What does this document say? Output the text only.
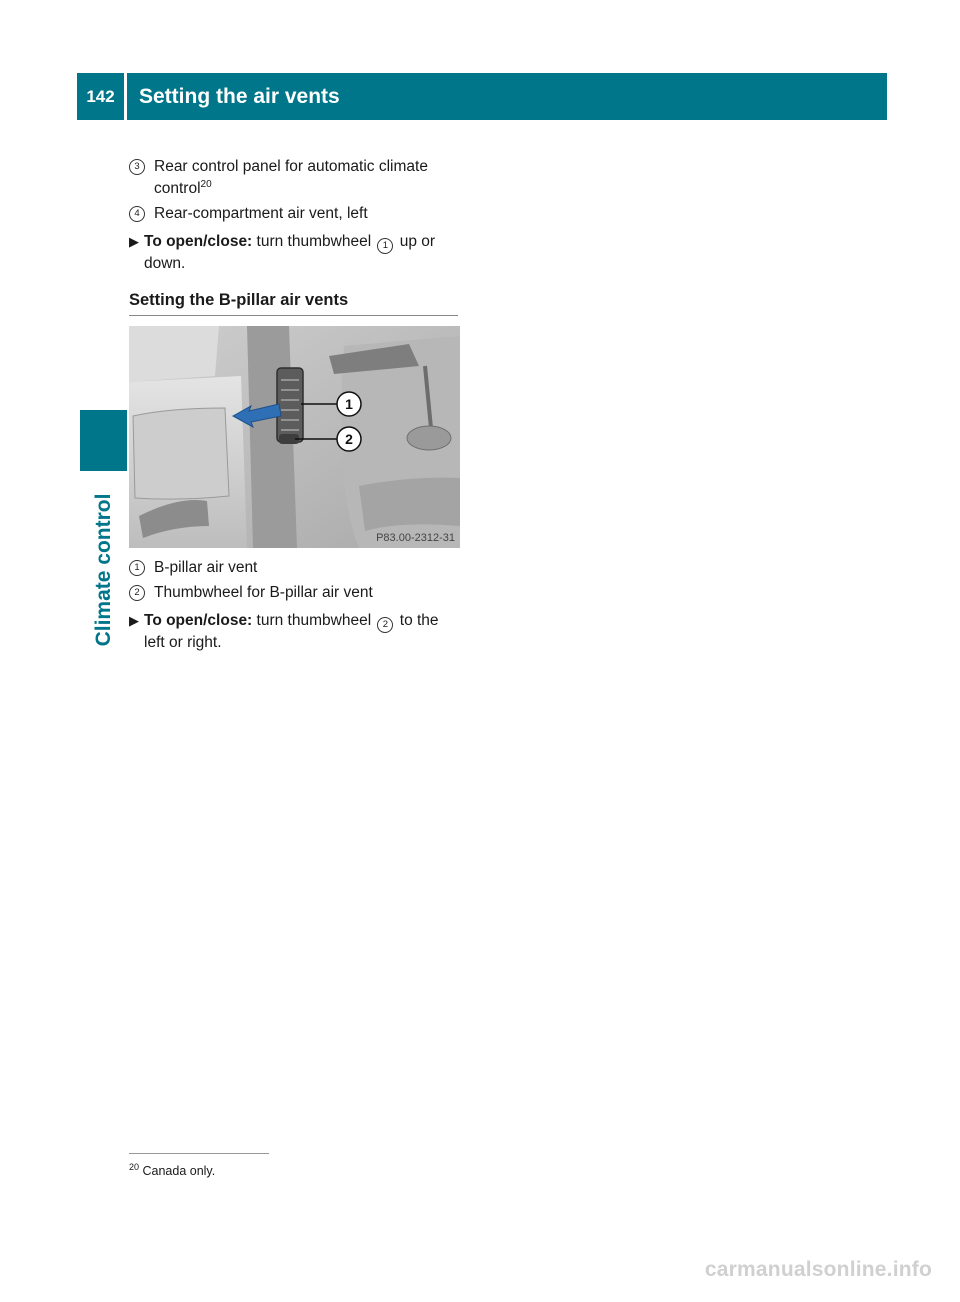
142	Setting the air vents
Climate control
3 Rear control panel for automatic climate control$^{20}$
4 Rear-compartment air vent, left
▶ To open/close: turn thumbwheel 1 up or down.
Setting the B-pillar air vents
1
2
P83.00-2312-31
1 B-pillar air vent
2 Thumbwheel for B-pillar air vent
▶ To open/close: turn thumbwheel 2 to the left or right.
$^{20}$ Canada only.
carmanualsonline.info
